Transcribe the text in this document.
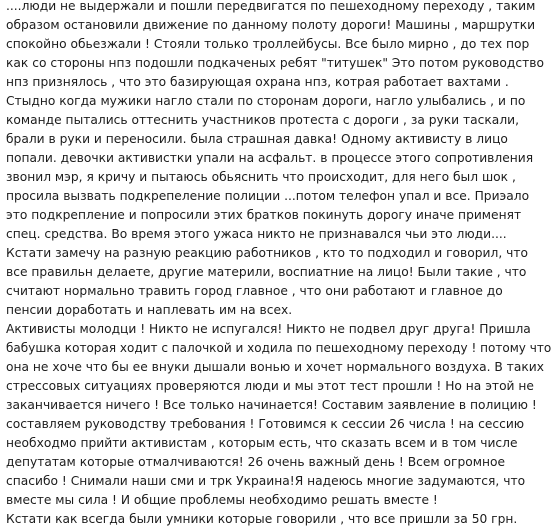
....люди не выдержали и пошли передвигатся по пешеходному переходу , таким
образом остановили движение по данному полоту дороги! Машины , маршрутки
спокойно обьезжали ! Стояли только троллейбусы. Все было мирно , до тех пор
как со стороны нпз подошли подкаченых ребят "титушек" Это потом руководство
нпз признялось , что это базирующая охрана нпз, котрая работает вахтами .
Стыдно когда мужики нагло стали по сторонам дороги, нагло улыбались , и по
команде пытались оттеснить участников протеста с дороги , за руки таскали,
брали в руки и переносили. была страшная давка! Одному активисту в лицо
попали. девочки активистки упали на асфальт. в процессе этого сопротивления
звонил мэр, я кричу и пытаюсь обьяснить что происходит, для него был шок ,
просила вызвать подкрепеление полиции ...потом телефон упал и все. Приэало
это подкрепление и попросили этих братков покинуть дорогу иначе применят
спец. средства. Во время этого ужаса никто не признавался чьи это люди....
Кстати замечу на разную реакцию работников , кто то подходил и говорил, что
все правильн делаете, другие материли, воспиатние на лицо! Были такие , что
считают нормально травить город главное , что они работают и главное до
пенсии доработать и наплевать им на всех.
Активисты молодци ! Никто не испугался! Никто не подвел друг друга! Пришла
бабушка которая ходит с палочкой и ходила по пешеходному переходу ! потому что
она не хоче что бы ее внуки дышали вонью и хочет нормального воздуха. В таких
стрессовых ситуациях проверяются люди и мы этот тест прошли ! Но на этой не
заканчивается ничего ! Все только начинается! Составим заявление в полицию !
составляем руководству требования ! Готовимся к сессии 26 числа ! на сессию
необходмо прийти активистам , которым есть, что сказать всем и в том числе
депутатам которые отмалчиваются! 26 очень важный день ! Всем огромное
спасибо ! Снимали наши сми и трк Украина!Я надеюсь многие задумаются, что
вместе мы сила ! И общие проблемы необходимо решать вместе !
Кстати как всегда были умники которые говорили , что все пришли за 50 грн.
